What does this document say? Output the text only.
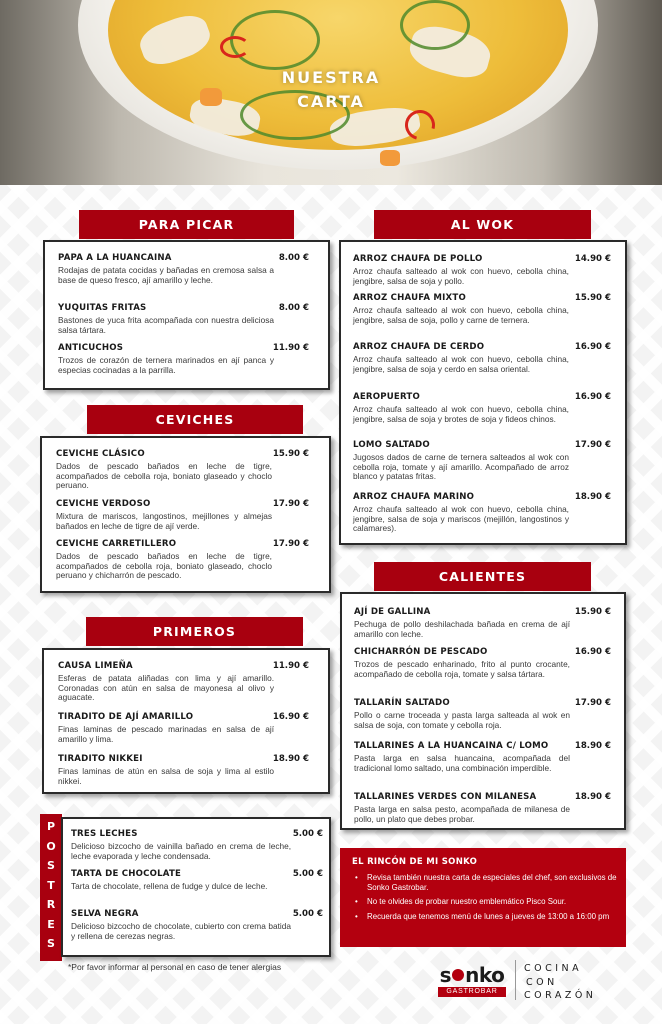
NUESTRA
CARTA
PARA PICAR
PAPA A LA HUANCAINA	8.00 €
Rodajas de patata cocidas y bañadas en cremosa salsa a base de queso fresco, ají amarillo y leche.
YUQUITAS FRITAS	8.00 €
Bastones de yuca frita acompañada con nuestra deliciosa salsa tártara.
ANTICUCHOS	11.90 €
Trozos de corazón de ternera marinados en ají panca y especias cocinadas a la parrilla.
CEVICHES
CEVICHE CLÁSICO	15.90 €
Dados de pescado bañados en leche de tigre, acompañados de cebolla roja, boniato glaseado y choclo peruano.
CEVICHE VERDOSO	17.90 €
Mixtura de mariscos, langostinos, mejillones y almejas bañados en leche de tigre de ají verde.
CEVICHE CARRETILLERO	17.90 €
Dados de pescado bañados en leche de tigre, acompañados de cebolla roja, boniato glaseado, choclo peruano y chicharrón de pescado.
PRIMEROS
CAUSA LIMEÑA	11.90 €
Esferas de patata aliñadas con lima y ají amarillo. Coronadas con atún en salsa de mayonesa al olivo y aguacate.
TIRADITO DE AJÍ AMARILLO	16.90 €
Finas laminas de pescado marinadas en salsa de ají amarillo y lima.
TIRADITO NIKKEI	18.90 €
Finas laminas de atún en salsa de soja y lima al estilo nikkei.
P
O
S
T
R
E
S
TRES LECHES	5.00 €
Delicioso bizcocho de vainilla bañado en crema de leche, leche evaporada y leche condensada.
TARTA DE CHOCOLATE	5.00 €
Tarta de chocolate, rellena de fudge y dulce de leche.
SELVA NEGRA	5.00 €
Delicioso bizcocho de chocolate, cubierto con crema batida y rellena de cerezas negras.
*Por favor informar al personal en caso de tener alergias
AL WOK
ARROZ CHAUFA DE POLLO	14.90 €
Arroz chaufa salteado al wok con huevo, cebolla china, jengibre, salsa de soja y pollo.
ARROZ CHAUFA MIXTO	15.90 €
Arroz chaufa salteado al wok con huevo, cebolla china, jengibre, salsa de soja, pollo y carne de ternera.
ARROZ CHAUFA DE CERDO	16.90 €
Arroz chaufa salteado al wok con huevo, cebolla china, jengibre, salsa de soja y cerdo en salsa oriental.
AEROPUERTO	16.90 €
Arroz chaufa salteado al wok con huevo, cebolla china, jengibre, salsa de soja y brotes de soja y fideos chinos.
LOMO SALTADO	17.90 €
Jugosos dados de carne de ternera salteados al wok con cebolla roja, tomate y ají amarillo. Acompañado de arroz blanco y patatas fritas.
ARROZ CHAUFA MARINO	18.90 €
Arroz chaufa salteado al wok con huevo, cebolla china, jengibre, salsa de soja y mariscos (mejillón, langostinos y calamares).
CALIENTES
AJÍ DE GALLINA	15.90 €
Pechuga de pollo deshilachada bañada en crema de ají amarillo con leche.
CHICHARRÓN DE PESCADO	16.90 €
Trozos de pescado enharinado, frito al punto crocante, acompañado de cebolla roja, tomate y salsa tártara.
TALLARÍN SALTADO	17.90 €
Pollo o carne troceada y pasta larga salteada al wok en salsa de soja, con tomate y cebolla roja.
TALLARINES A LA HUANCAINA C/ LOMO	18.90 €
Pasta larga en salsa huancaina, acompañada del tradicional lomo saltado, una combinación imperdible.
TALLARINES VERDES CON MILANESA	18.90 €
Pasta larga en salsa pesto, acompañada de milanesa de pollo, un plato que debes probar.
EL RINCÓN DE MI SONKO
• Revisa también nuestra carta de especiales del chef, son exclusivos de Sonko Gastrobar.
• No te olvides de probar nuestro emblemático Pisco Sour.
• Recuerda que tenemos menú de lunes a jueves de 13:00 a 16:00 pm
s nko
GASTROBAR
COCINA
CON
CORAZÓN
